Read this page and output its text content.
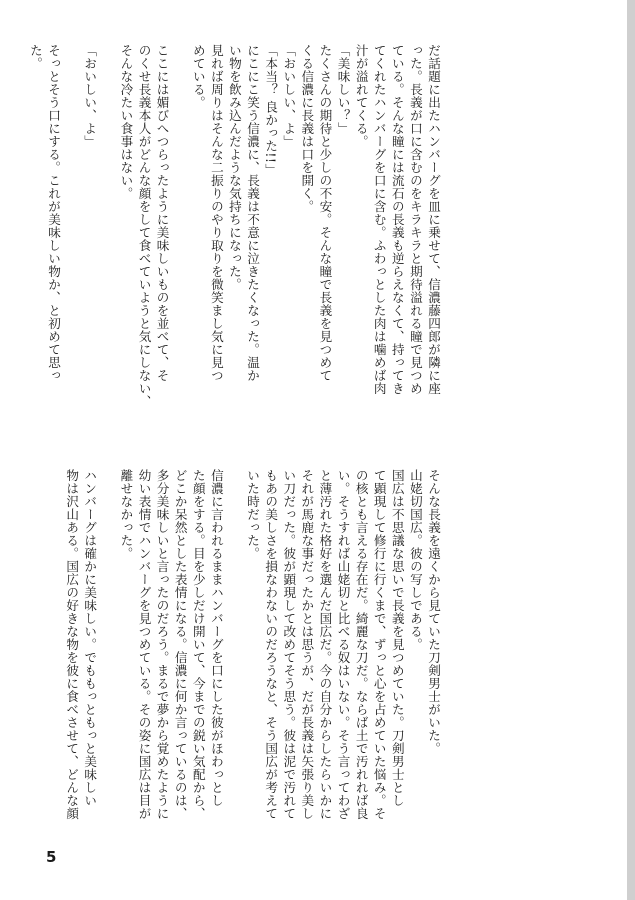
だ話題に出たハンバーグを皿に乗せて、信濃藤四郎が隣に座

った。長義が口に含むのをキラキラと期待溢れる瞳で見つめ

ている。そんな瞳には流石の長義も逆らえなくて、持ってき

てくれたハンバーグを口に含む。ふわっとした肉は噛めば肉

汁が溢れてくる。

「美味しい？」

たくさんの期待と少しの不安。そんな瞳で長義を見つめて

くる信濃に長義は口を開く。

「おいしい、よ」

「本当？ 良かった!!」

にこにこ笑う信濃に、長義は不意に泣きたくなった。温か

い物を飲み込んだような気持ちになった。

見れば周りはそんな二振りのやり取りを微笑まし気に見つ

めている。

ここには媚びへつらったように美味しいものを並べて、そ

のくせ長義本人がどんな顔をして食べていようと気にしない、

そんな冷たい食事はない。

「おいしい、よ」

そっとそう口にする。これが美味しい物か、と初めて思っ

た。

そんな長義を遠くから見ていた刀剣男士がいた。

山姥切国広。彼の写しである。

国広は不思議な思いで長義を見つめていた。刀剣男士とし

て顕現して修行に行くまで、ずっと心を占めていた悩み。そ

の核とも言える存在だ。綺麗な刀だ。ならば土で汚れれば良

い。そうすれば山姥切と比べる奴はいない。そう言ってわざ

と薄汚れた格好を選んだ国広だ。今の自分からしたらいかに

それが馬鹿な事だったかとは思うが、だが長義は矢張り美し

い刀だった。彼が顕現して改めてそう思う。彼は泥で汚れて

もあの美しさを損なわないのだろうなと、そう国広が考えて

いた時だった。

信濃に言われるままハンバーグを口にした彼がほわっとし

た顔をする。目を少しだけ開いて、今までの鋭い気配から、

どこか呆然とした表情になる。信濃に何か言っているのは、

多分美味しいと言ったのだろう。まるで夢から覚めたように

幼い表情でハンバーグを見つめている。その姿に国広は目が

離せなかった。

ハンバーグは確かに美味しい。でももっともっと美味しい

物は沢山ある。国広の好きな物を彼に食べさせて、どんな顔

5
